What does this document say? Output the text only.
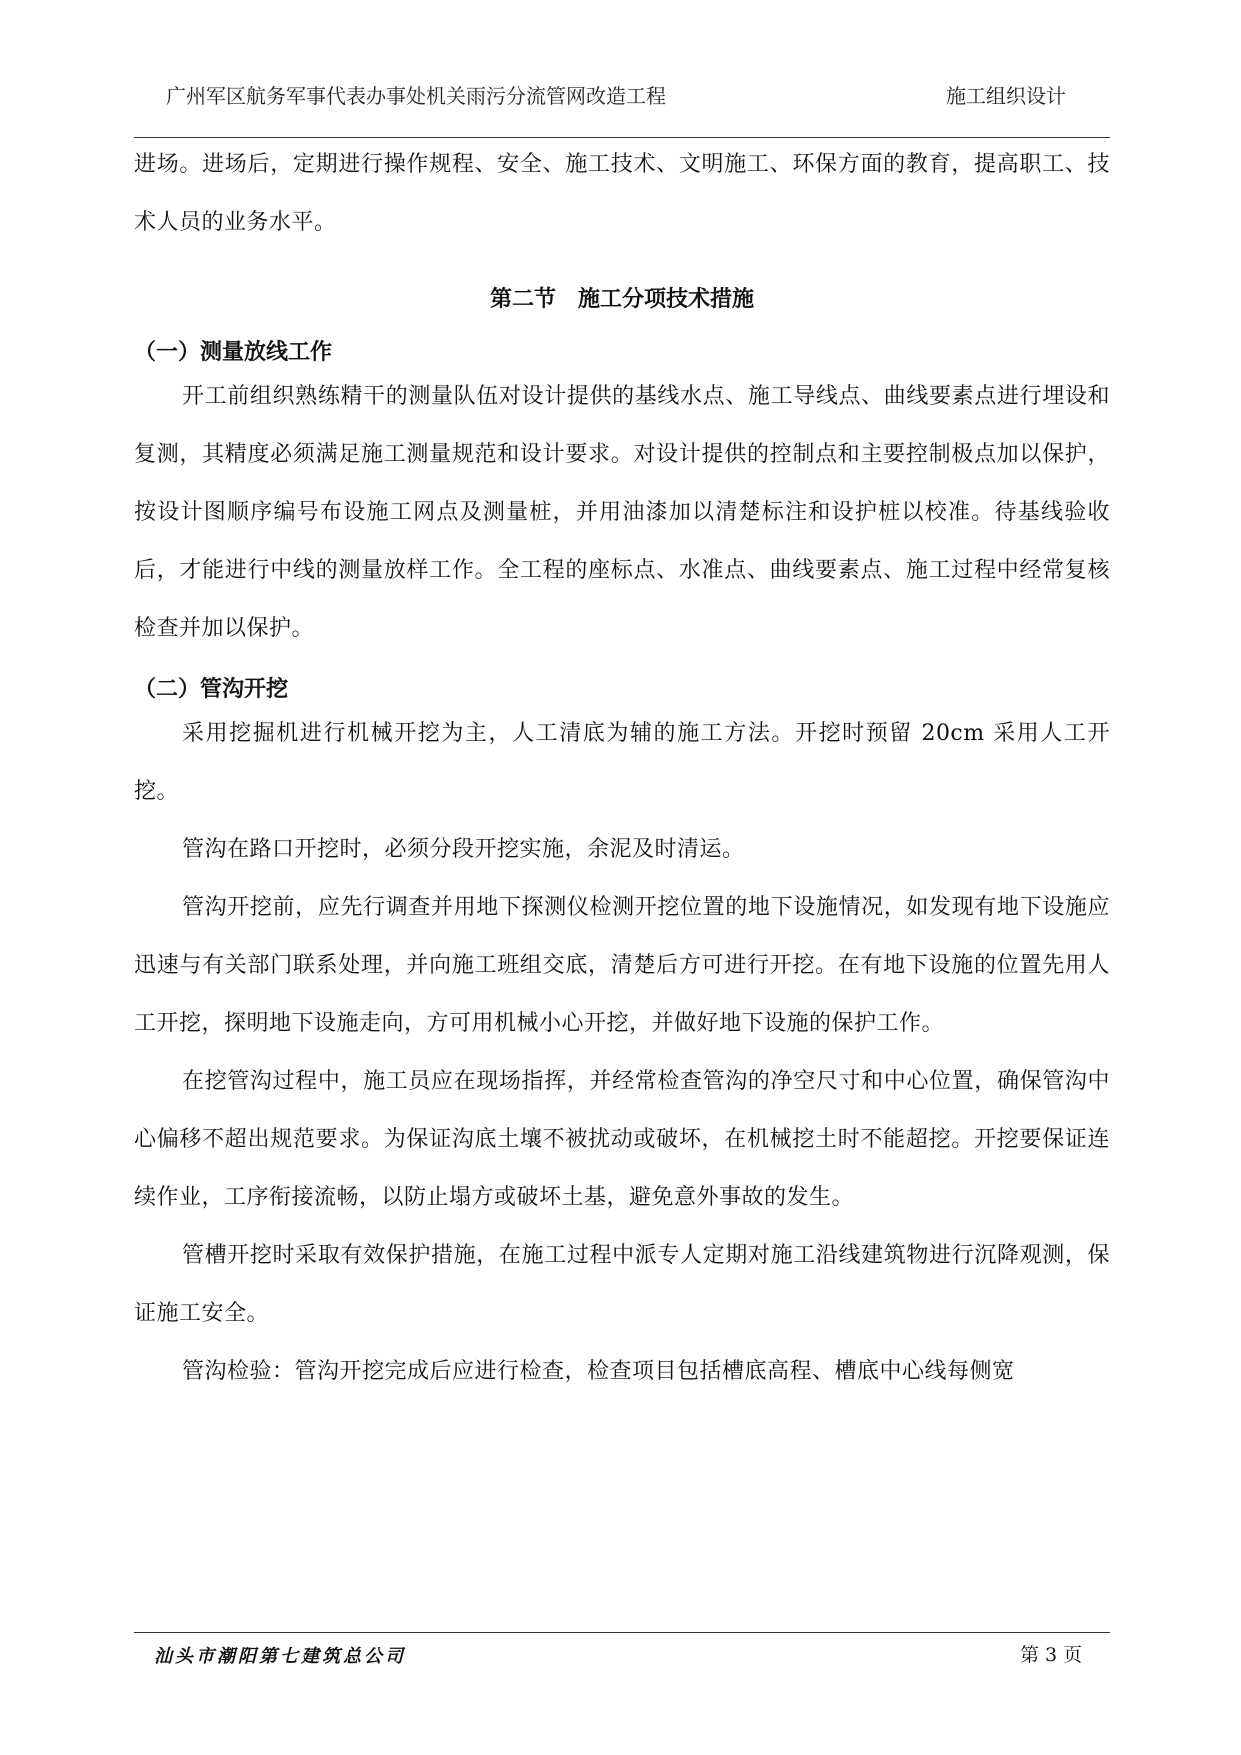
广州军区航务军事代表办事处机关雨污分流管网改造工程	施工组织设计

进场。进场后，定期进行操作规程、安全、施工技术、文明施工、环保方面的教育，提高职工、技术人员的业务水平。

第二节　施工分项技术措施

（一）测量放线工作

开工前组织熟练精干的测量队伍对设计提供的基线水点、施工导线点、曲线要素点进行埋设和复测，其精度必须满足施工测量规范和设计要求。对设计提供的控制点和主要控制极点加以保护，按设计图顺序编号布设施工网点及测量桩，并用油漆加以清楚标注和设护桩以校准。待基线验收后，才能进行中线的测量放样工作。全工程的座标点、水准点、曲线要素点、施工过程中经常复核检查并加以保护。

（二）管沟开挖

采用挖掘机进行机械开挖为主，人工清底为辅的施工方法。开挖时预留 20cm 采用人工开挖。

管沟在路口开挖时，必须分段开挖实施，余泥及时清运。

管沟开挖前，应先行调查并用地下探测仪检测开挖位置的地下设施情况，如发现有地下设施应迅速与有关部门联系处理，并向施工班组交底，清楚后方可进行开挖。在有地下设施的位置先用人工开挖，探明地下设施走向，方可用机械小心开挖，并做好地下设施的保护工作。

在挖管沟过程中，施工员应在现场指挥，并经常检查管沟的净空尺寸和中心位置，确保管沟中心偏移不超出规范要求。为保证沟底土壤不被扰动或破坏，在机械挖土时不能超挖。开挖要保证连续作业，工序衔接流畅，以防止塌方或破坏土基，避免意外事故的发生。

管槽开挖时采取有效保护措施，在施工过程中派专人定期对施工沿线建筑物进行沉降观测，保证施工安全。

管沟检验：管沟开挖完成后应进行检查，检查项目包括槽底高程、槽底中心线每侧宽

汕头市潮阳第七建筑总公司	第 3 页
